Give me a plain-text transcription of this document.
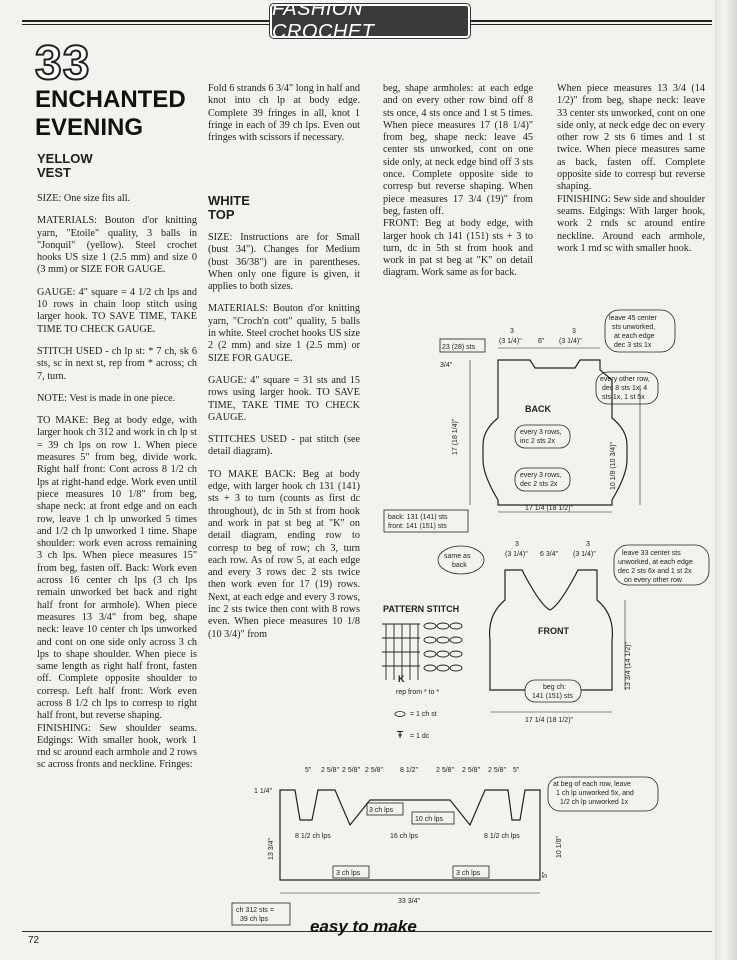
FASHION CROCHET
33
ENCHANTED
EVENING
YELLOW
VEST

SIZE: One size fits all.

MATERIALS: Bouton d'or knitting yarn, "Etoile" quality, 3 balls in "Jonquil" (yellow). Steel crochet hooks US size 1 (2.5 mm) and size 0 (3 mm) or SIZE FOR GAUGE.

GAUGE: 4" square = 4 1/2 ch lps and 10 rows in chain loop stitch using larger hook. TO SAVE TIME, TAKE TIME TO CHECK GAUGE.

STITCH USED - ch lp st: * 7 ch, sk 6 sts, sc in next st, rep from * across; ch 7, turn.

NOTE: Vest is made in one piece.

TO MAKE: Beg at body edge, with larger hook ch 312 and work in ch lp st = 39 ch lps on row 1. When piece measures 5" from beg, divide work. Right half front: Cont across 8 1/2 ch lps at right-hand edge. Work even until piece measures 10 1/8" from beg, shape neck: at front edge and on each row, leave 1 ch lp unworked 5 times and 1/2 ch lp unworked 1 time. Shape shoulder: work even across remaining 3 ch lps. When piece measures 15" from beg, fasten off. Back: Work even across 16 center ch lps (3 ch lps remain unworked bet back and right half front for armhole). When piece measures 13 3/4" from beg, shape neck: leave 10 center ch lps unworked and cont on one side only across 3 ch lps to shape shoulder. When piece is same length as right half front, fasten off. Complete opposite shoulder to corresp. Left half front: Work even across 8 1/2 ch lps to corresp to right half front, but reverse shaping.

FINISHING: Sew shoulder seams. Edgings: With smaller hook, work 1 rnd sc around each armhole and 2 rows sc across fronts and neckline. Fringes:

Fold 6 strands 6 3/4" long in half and knot into ch lp at body edge. Complete 39 fringes in all, knot 1 fringe in each of 39 ch lps. Even out fringes with scissors if necessary.

WHITE
TOP

SIZE: Instructions are for Small (bust 34"). Changes for Medium (bust 36/38") are in parentheses. When only one figure is given, it applies to both sizes.

MATERIALS: Bouton d'or knitting yarn, "Croch'n cott" quality, 5 balls in white. Steel crochet hooks US size 2 (2 mm) and size 1 (2.5 mm) or SIZE FOR GAUGE.

GAUGE: 4" square = 31 sts and 15 rows using larger hook. TO SAVE TIME, TAKE TIME TO CHECK GAUGE.

STITCHES USED - pat stitch (see detail diagram).

TO MAKE BACK: Beg at body edge, with larger hook ch 131 (141) sts + 3 to turn (counts as first dc throughout), dc in 5th st from hook and work in pat st beg at "K" on detail diagram, ending row to corresp to beg of row; ch 3, turn each row. As of row 5, at each edge and every 3 rows dec 2 sts twice then work even for 17 (19) rows. Next, at each edge and every 3 rows, inc 2 sts twice then cont with 8 rows even. When piece measures 10 1/8 (10 3/4)" from

beg, shape armholes: at each edge and on every other row bind off 8 sts once, 4 sts once and 1 st 5 times. When piece measures 17 (18 1/4)" from beg, shape neck: leave 45 center sts unworked, cont on one side only, at neck edge bind off 3 sts once. Complete opposite side to corresp but reverse shaping. When piece measures 17 3/4 (19)" from beg, fasten off.

FRONT: Beg at body edge, with larger hook ch 141 (151) sts + 3 to turn, dc in 5th st from hook and work in pat st beg at "K" on detail diagram. Work same as for back.

When piece measures 13 3/4 (14 1/2)" from beg, shape neck: leave 33 center sts unworked, cont on one side only, at neck edge dec on every other row 2 sts 6 times and 1 st twice. When piece measures same as back, fasten off. Complete opposite side to corresp but reverse shaping.

FINISHING: Sew side and shoulder seams. Edgings: With larger hook, work 2 rnds sc around entire neckline. Around each armhole, work 1 rnd sc with smaller hook.

BACK
23 (28) sts
3
(3 1/4)" 6"
3
(3 1/4)"
3/4"
17 (18 1/4)"
10 1/8 (10 3/4)"
leave 45 center
sts unworked,
at each edge
dec 3 sts 1x
every other row,
dec 8 sts 1x, 4
sts 1x, 1 st 5x
every 3 rows,
inc 2 sts 2x
every 3 rows,
dec 2 sts 2x
back: 131 (141) sts
front: 141 (151) sts
17 1/4 (18 1/2)"
FRONT
same as
back
3
(3 1/4)" 6 3/4"
3
(3 1/4)"	leave 33 center sts
unworked, at each edge
dec 2 sts 6x and 1 st 2x
on every other row
13 3/4 (14 1/2)"
beg ch:
141 (151) sts
17 1/4 (18 1/2)"
PATTERN STITCH
K
rep from * to *
= 1 ch st
Ŧ = 1 dc
5" 2 5/8" 2 5/8" 2 5/8" 8 1/2"	2 5/8" 2 5/8" 2 5/8" 5"
1 1/4"
13 3/4"
3 ch lps
10 ch lps
8 1/2 ch lps	16 ch lps	8 1/2 ch lps
3 ch lps	3 ch lps
at beg of each row, leave
1 ch lp unworked 5x, and
1/2 ch lp unworked 1x
10 1/8"
5"
33 3/4"
ch 312 sts =
39 ch lps easy to make
72
